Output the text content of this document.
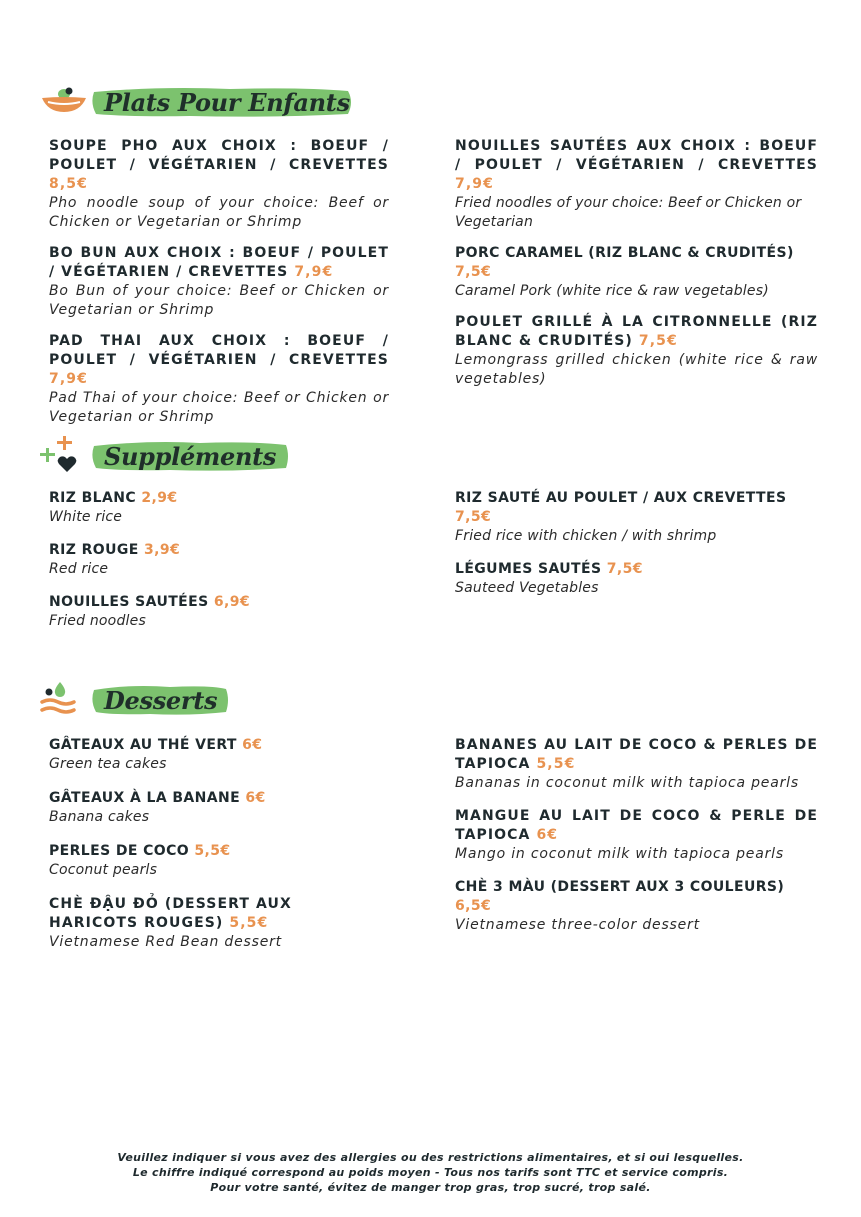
Plats Pour Enfants
SOUPE PHO AUX CHOIX : BOEUF / POULET / VÉGÉTARIEN / CREVETTES 8,5€
Pho noodle soup of your choice: Beef or Chicken or Vegetarian or Shrimp
BO BUN AUX CHOIX : BOEUF / POULET / VÉGÉTARIEN / CREVETTES 7,9€
Bo Bun of your choice: Beef or Chicken or Vegetarian or Shrimp
PAD THAI AUX CHOIX : BOEUF / POULET / VÉGÉTARIEN / CREVETTES 7,9€
Pad Thai of your choice: Beef or Chicken or Vegetarian or Shrimp
NOUILLES SAUTÉES AUX CHOIX : BOEUF / POULET / VÉGÉTARIEN / CREVETTES 7,9€
Fried noodles of your choice: Beef or Chicken or Vegetarian
PORC CARAMEL (RIZ BLANC & CRUDITÉS) 7,5€
Caramel Pork (white rice & raw vegetables)
POULET GRILLÉ À LA CITRONNELLE (RIZ BLANC & CRUDITÉS) 7,5€
Lemongrass grilled chicken (white rice & raw vegetables)
Suppléments
RIZ BLANC 2,9€
White rice
RIZ ROUGE 3,9€
Red rice
NOUILLES SAUTÉES 6,9€
Fried noodles
RIZ SAUTÉ AU POULET / AUX CREVETTES 7,5€
Fried rice with chicken / with shrimp
LÉGUMES SAUTÉS 7,5€
Sauteed Vegetables
Desserts
GÂTEAUX AU THÉ VERT 6€
Green tea cakes
GÂTEAUX À LA BANANE 6€
Banana cakes
PERLES DE COCO 5,5€
Coconut pearls
CHÈ ĐẬU ĐỎ (DESSERT AUX HARICOTS ROUGES) 5,5€
Vietnamese Red Bean dessert
BANANES AU LAIT DE COCO & PERLES DE TAPIOCA 5,5€
Bananas in coconut milk with tapioca pearls
MANGUE AU LAIT DE COCO & PERLE DE TAPIOCA 6€
Mango in coconut milk with tapioca pearls
CHÈ 3 MÀU (DESSERT AUX 3 COULEURS) 6,5€
Vietnamese three-color dessert
Veuillez indiquer si vous avez des allergies ou des restrictions alimentaires, et si oui lesquelles.
Le chiffre indiqué correspond au poids moyen - Tous nos tarifs sont TTC et service compris.
Pour votre santé, évitez de manger trop gras, trop sucré, trop salé.
